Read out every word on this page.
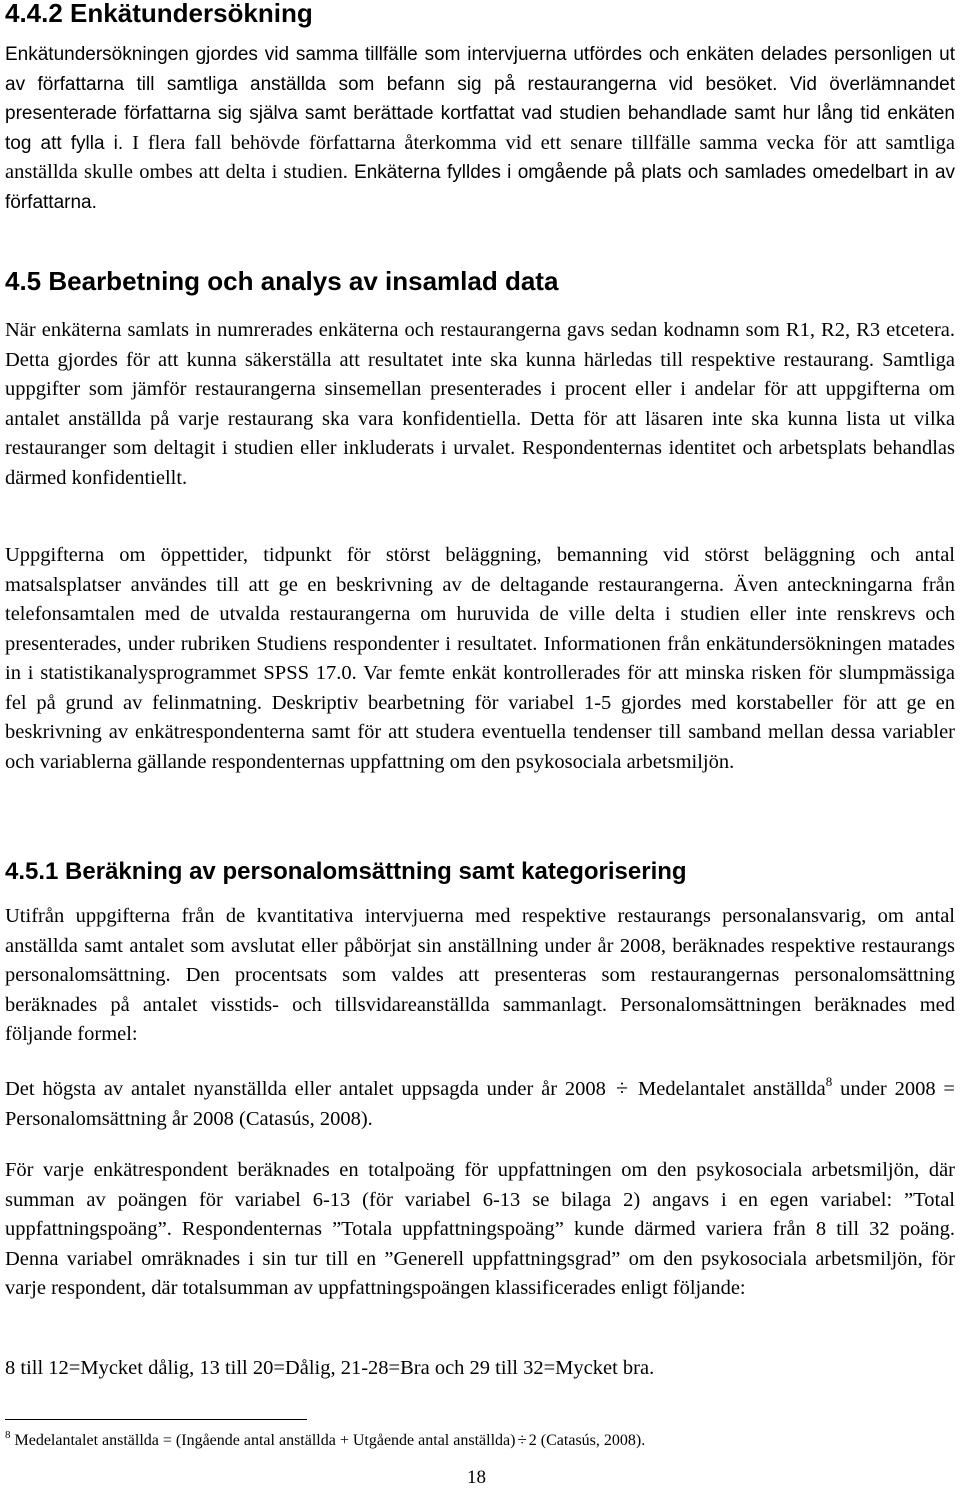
4.4.2 Enkätundersökning

Enkätundersökningen gjordes vid samma tillfälle som intervjuerna utfördes och enkäten delades personligen ut av författarna till samtliga anställda som befann sig på restaurangerna vid besöket. Vid överlämnandet presenterade författarna sig själva samt berättade kortfattat vad studien behandlade samt hur lång tid enkäten tog att fylla i. I flera fall behövde författarna återkomma vid ett senare tillfälle samma vecka för att samtliga anställda skulle ombes att delta i studien. Enkäterna fylldes i omgående på plats och samlades omedelbart in av författarna.

4.5 Bearbetning och analys av insamlad data

När enkäterna samlats in numrerades enkäterna och restaurangerna gavs sedan kodnamn som R1, R2, R3 etcetera. Detta gjordes för att kunna säkerställa att resultatet inte ska kunna härledas till respektive restaurang. Samtliga uppgifter som jämför restaurangerna sinsemellan presenterades i procent eller i andelar för att uppgifterna om antalet anställda på varje restaurang ska vara konfidentiella. Detta för att läsaren inte ska kunna lista ut vilka restauranger som deltagit i studien eller inkluderats i urvalet. Respondenternas identitet och arbetsplats behandlas därmed konfidentiellt.

Uppgifterna om öppettider, tidpunkt för störst beläggning, bemanning vid störst beläggning och antal matsalsplatser användes till att ge en beskrivning av de deltagande restaurangerna. Även anteckningarna från telefonsamtalen med de utvalda restaurangerna om huruvida de ville delta i studien eller inte renskrevs och presenterades, under rubriken Studiens respondenter i resultatet. Informationen från enkätundersökningen matades in i statistikanalysprogrammet SPSS 17.0. Var femte enkät kontrollerades för att minska risken för slumpmässiga fel på grund av felinmatning. Deskriptiv bearbetning för variabel 1-5 gjordes med korstabeller för att ge en beskrivning av enkätrespondenterna samt för att studera eventuella tendenser till samband mellan dessa variabler och variablerna gällande respondenternas uppfattning om den psykosociala arbetsmiljön.

4.5.1 Beräkning av personalomsättning samt kategorisering

Utifrån uppgifterna från de kvantitativa intervjuerna med respektive restaurangs personalansvarig, om antal anställda samt antalet som avslutat eller påbörjat sin anställning under år 2008, beräknades respektive restaurangs personalomsättning. Den procentsats som valdes att presenteras som restaurangernas personalomsättning beräknades på antalet visstids- och tillsvidareanställda sammanlagt. Personalomsättningen beräknades med följande formel:

Det högsta av antalet nyanställda eller antalet uppsagda under år 2008 ÷ Medelantalet anställda$^8$ under 2008 = Personalomsättning år 2008 (Catasús, 2008).

För varje enkätrespondent beräknades en totalpoäng för uppfattningen om den psykosociala arbetsmiljön, där summan av poängen för variabel 6-13 (för variabel 6-13 se bilaga 2) angavs i en egen variabel: ”Total uppfattningspoäng”. Respondenternas ”Totala uppfattningspoäng” kunde därmed variera från 8 till 32 poäng. Denna variabel omräknades i sin tur till en ”Generell uppfattningsgrad” om den psykosociala arbetsmiljön, för varje respondent, där totalsumman av uppfattningspoängen klassificerades enligt följande:

8 till 12=Mycket dålig, 13 till 20=Dålig, 21-28=Bra och 29 till 32=Mycket bra.

$^8$ Medelantalet anställda = (Ingående antal anställda + Utgående antal anställda) ÷ 2 (Catasús, 2008).
18
